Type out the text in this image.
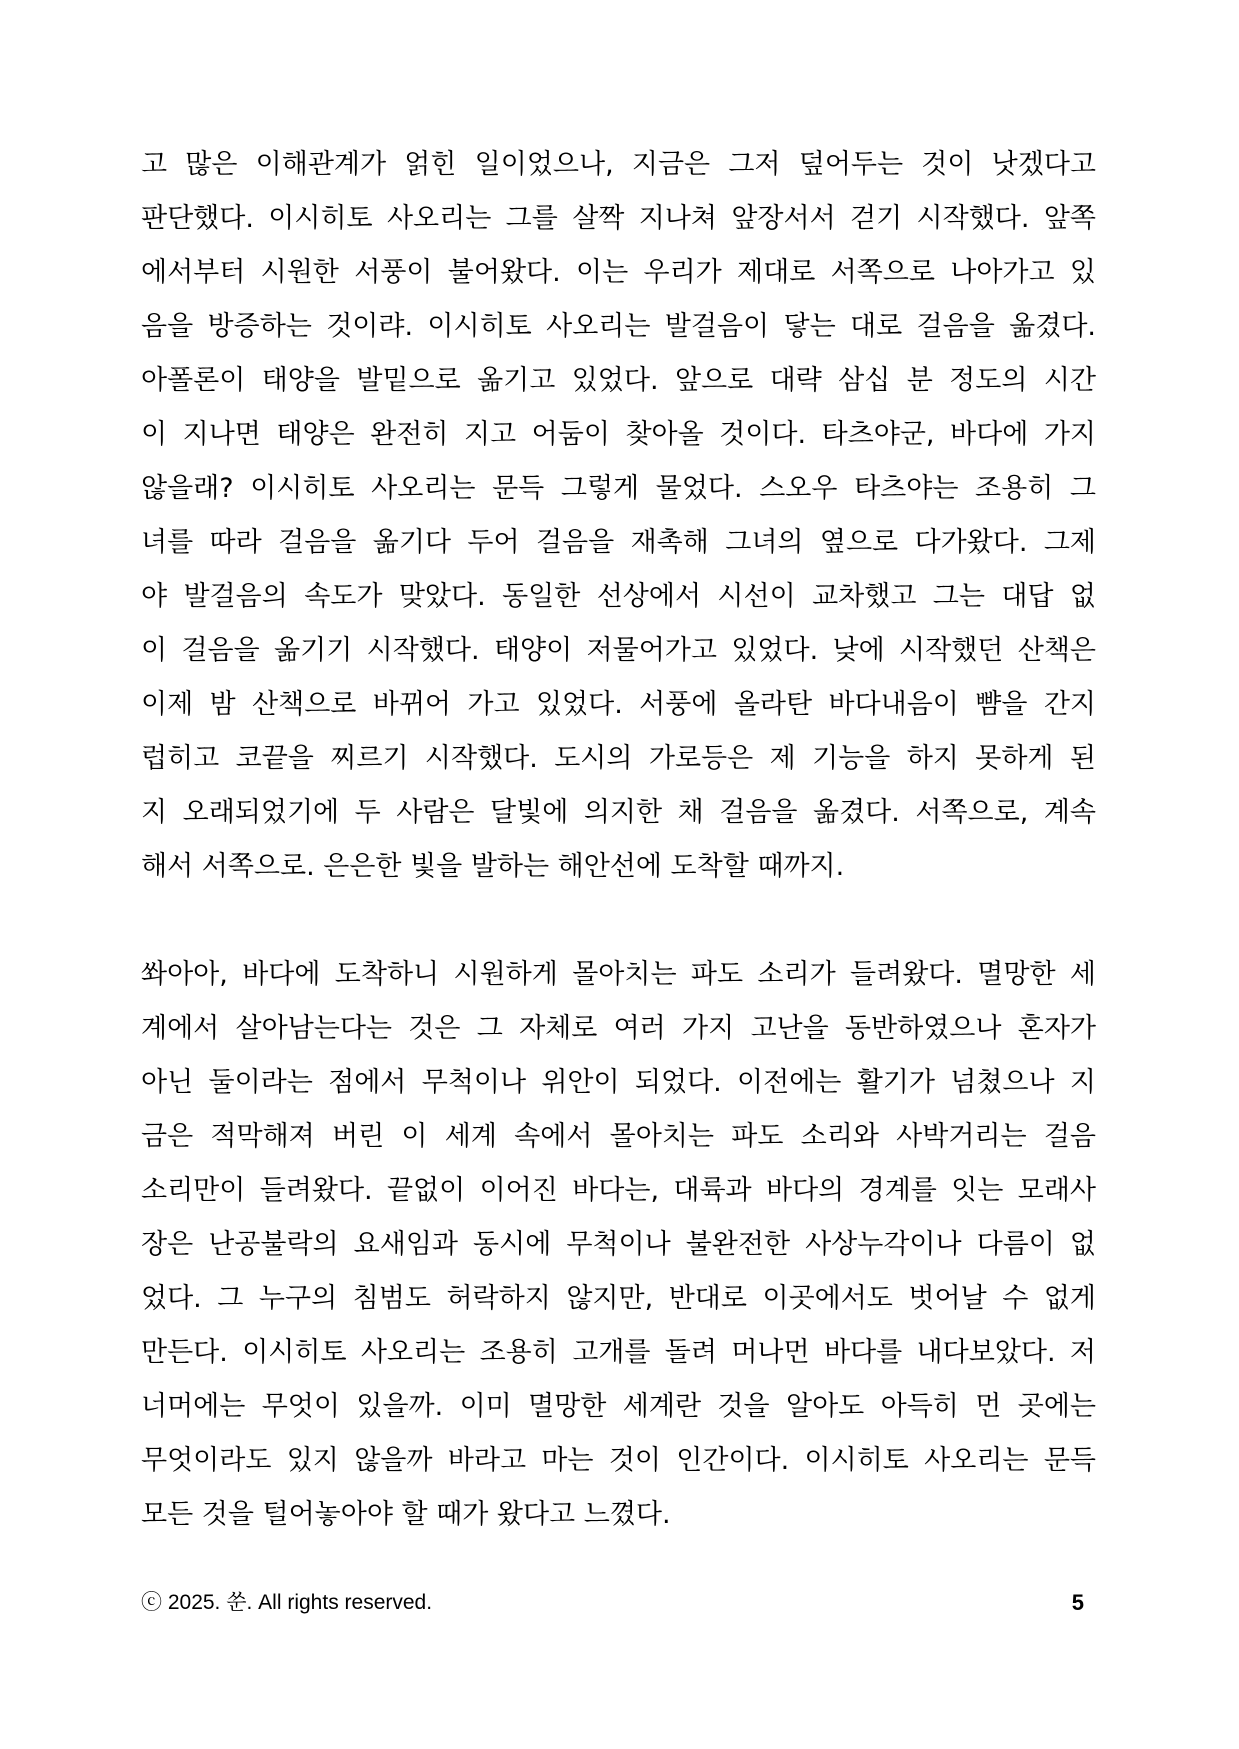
고 많은 이해관계가 얽힌 일이었으나, 지금은 그저 덮어두는 것이 낫겠다고
판단했다. 이시히토 사오리는 그를 살짝 지나쳐 앞장서서 걷기 시작했다. 앞쪽
에서부터 시원한 서풍이 불어왔다. 이는 우리가 제대로 서쪽으로 나아가고 있
음을 방증하는 것이랴. 이시히토 사오리는 발걸음이 닿는 대로 걸음을 옮겼다.
아폴론이 태양을 발밑으로 옮기고 있었다. 앞으로 대략 삼십 분 정도의 시간
이 지나면 태양은 완전히 지고 어둠이 찾아올 것이다. 타츠야군, 바다에 가지
않을래? 이시히토 사오리는 문득 그렇게 물었다. 스오우 타츠야는 조용히 그
녀를 따라 걸음을 옮기다 두어 걸음을 재촉해 그녀의 옆으로 다가왔다. 그제
야 발걸음의 속도가 맞았다. 동일한 선상에서 시선이 교차했고 그는 대답 없
이 걸음을 옮기기 시작했다. 태양이 저물어가고 있었다. 낮에 시작했던 산책은
이제 밤 산책으로 바뀌어 가고 있었다. 서풍에 올라탄 바다내음이 뺨을 간지
럽히고 코끝을 찌르기 시작했다. 도시의 가로등은 제 기능을 하지 못하게 된
지 오래되었기에 두 사람은 달빛에 의지한 채 걸음을 옮겼다. 서쪽으로, 계속
해서 서쪽으로. 은은한 빛을 발하는 해안선에 도착할 때까지.
쏴아아, 바다에 도착하니 시원하게 몰아치는 파도 소리가 들려왔다. 멸망한 세
계에서 살아남는다는 것은 그 자체로 여러 가지 고난을 동반하였으나 혼자가
아닌 둘이라는 점에서 무척이나 위안이 되었다. 이전에는 활기가 넘쳤으나 지
금은 적막해져 버린 이 세계 속에서 몰아치는 파도 소리와 사박거리는 걸음
소리만이 들려왔다. 끝없이 이어진 바다는, 대륙과 바다의 경계를 잇는 모래사
장은 난공불락의 요새임과 동시에 무척이나 불완전한 사상누각이나 다름이 없
었다. 그 누구의 침범도 허락하지 않지만, 반대로 이곳에서도 벗어날 수 없게
만든다. 이시히토 사오리는 조용히 고개를 돌려 머나먼 바다를 내다보았다. 저
너머에는 무엇이 있을까. 이미 멸망한 세계란 것을 알아도 아득히 먼 곳에는
무엇이라도 있지 않을까 바라고 마는 것이 인간이다. 이시히토 사오리는 문득
모든 것을 털어놓아야 할 때가 왔다고 느꼈다.
ⓒ 2025. 쑨. All rights reserved.	5
